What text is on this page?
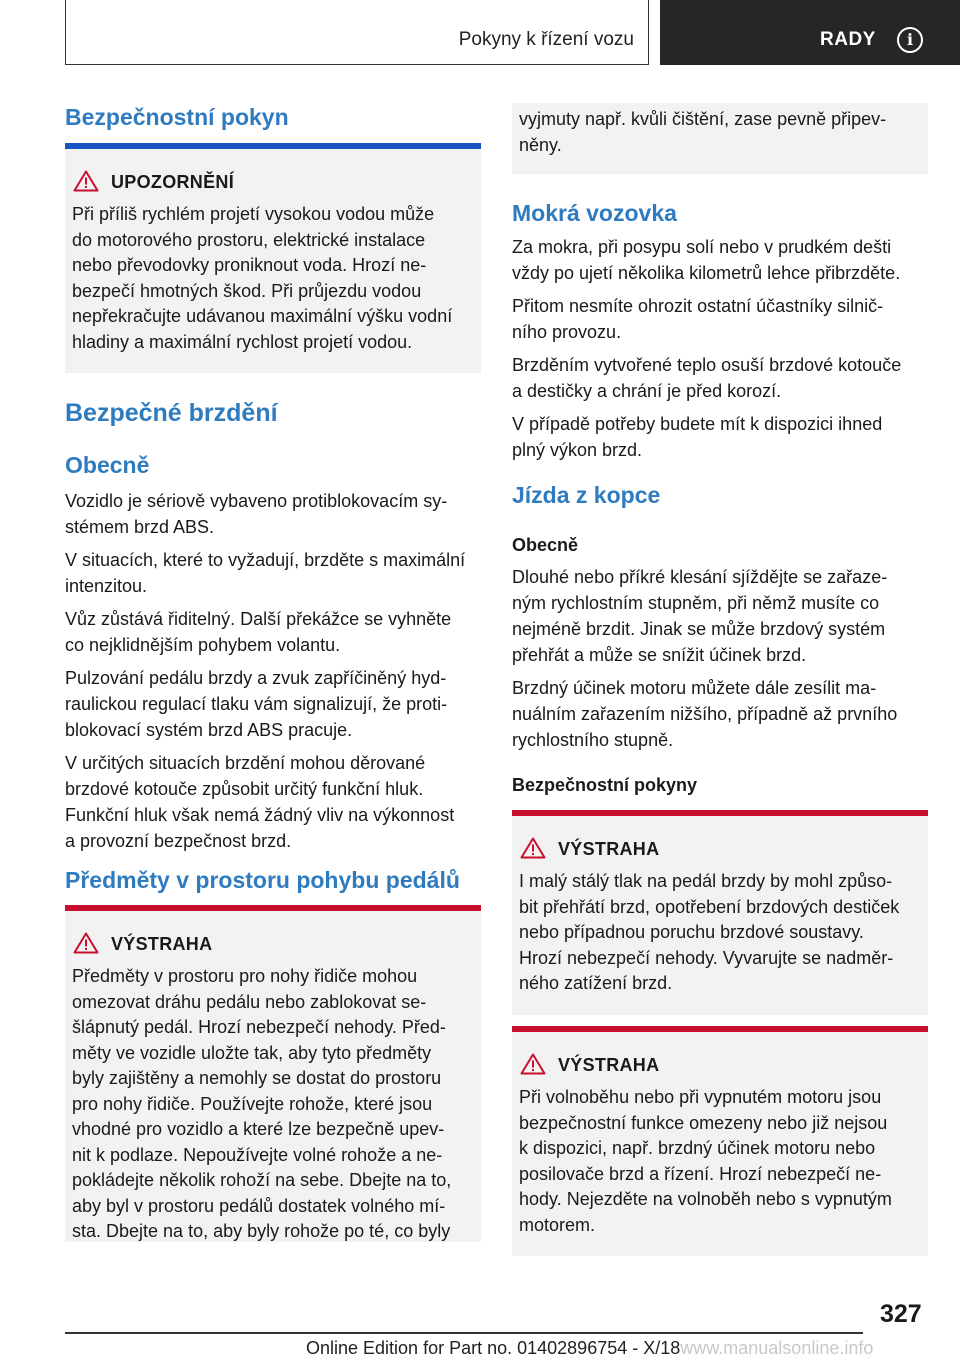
Pokyny k řízení vozu	RADY	i
Bezpečnostní pokyn
UPOZORNĚNÍ
Při příliš rychlém projetí vysokou vodou může
do motorového prostoru, elektrické instalace
nebo převodovky proniknout voda. Hrozí ne-
bezpečí hmotných škod. Při průjezdu vodou
nepřekračujte udávanou maximální výšku vodní
hladiny a maximální rychlost projetí vodou.
Bezpečné brzdění
Obecně
Vozidlo je sériově vybaveno protiblokovacím sy-
stémem brzd ABS.
V situacích, které to vyžadují, brzděte s maximální
intenzitou.
Vůz zůstává řiditelný. Další překážce se vyhněte
co nejklidnějším pohybem volantu.
Pulzování pedálu brzdy a zvuk zapříčiněný hyd-
raulickou regulací tlaku vám signalizují, že proti-
blokovací systém brzd ABS pracuje.
V určitých situacích brzdění mohou děrované
brzdové kotouče způsobit určitý funkční hluk.
Funkční hluk však nemá žádný vliv na výkonnost
a provozní bezpečnost brzd.
Předměty v prostoru pohybu pedálů
VÝSTRAHA
Předměty v prostoru pro nohy řidiče mohou
omezovat dráhu pedálu nebo zablokovat se-
šlápnutý pedál. Hrozí nebezpečí nehody. Před-
měty ve vozidle uložte tak, aby tyto předměty
byly zajištěny a nemohly se dostat do prostoru
pro nohy řidiče. Používejte rohože, které jsou
vhodné pro vozidlo a které lze bezpečně upev-
nit k podlaze. Nepoužívejte volné rohože a ne-
pokládejte několik rohoží na sebe. Dbejte na to,
aby byl v prostoru pedálů dostatek volného mí-
sta. Dbejte na to, aby byly rohože po té, co byly
vyjmuty např. kvůli čištění, zase pevně připev-
něny.
Mokrá vozovka
Za mokra, při posypu solí nebo v prudkém dešti
vždy po ujetí několika kilometrů lehce přibrzděte.
Přitom nesmíte ohrozit ostatní účastníky silnič-
ního provozu.
Brzděním vytvořené teplo osuší brzdové kotouče
a destičky a chrání je před korozí.
V případě potřeby budete mít k dispozici ihned
plný výkon brzd.
Jízda z kopce
Obecně
Dlouhé nebo příkré klesání sjíždějte se zařaze-
ným rychlostním stupněm, při němž musíte co
nejméně brzdit. Jinak se může brzdový systém
přehřát a může se snížit účinek brzd.
Brzdný účinek motoru můžete dále zesílit ma-
nuálním zařazením nižšího, případně až prvního
rychlostního stupně.
Bezpečnostní pokyny
VÝSTRAHA
I malý stálý tlak na pedál brzdy by mohl způso-
bit přehřátí brzd, opotřebení brzdových destiček
nebo případnou poruchu brzdové soustavy.
Hrozí nebezpečí nehody. Vyvarujte se nadměr-
ného zatížení brzd.
VÝSTRAHA
Při volnoběhu nebo při vypnutém motoru jsou
bezpečnostní funkce omezeny nebo již nejsou
k dispozici, např. brzdný účinek motoru nebo
posilovače brzd a řízení. Hrozí nebezpečí ne-
hody. Nejezděte na volnoběh nebo s vypnutým
motorem.
327
Online Edition for Part no. 01402896754 - X/18www.manualsonline.info
